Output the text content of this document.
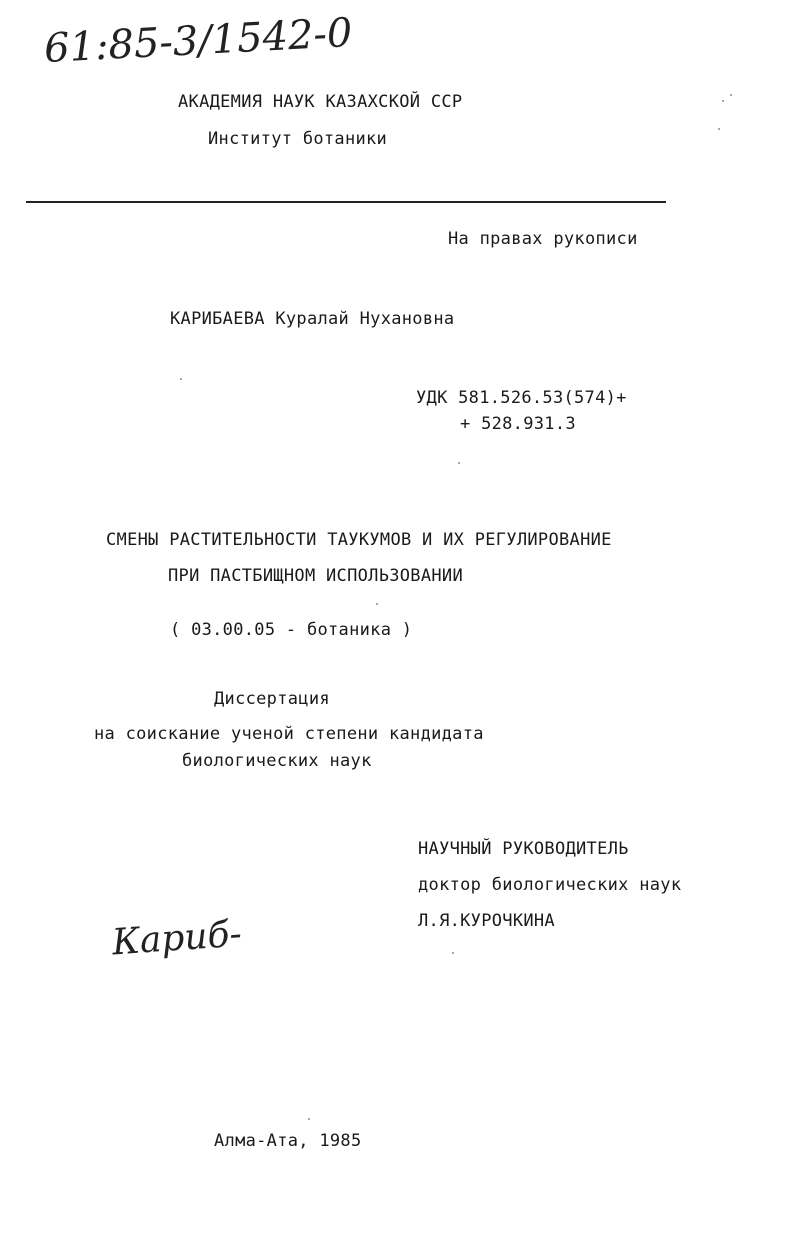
61:85-3/1542-0
АКАДЕМИЯ НАУК КАЗАХСКОЙ ССР
Институт ботаники
На правах рукописи
КАРИБАЕВА Куралай Нухановна
УДК 581.526.53(574)+
+ 528.931.3
СМЕНЫ РАСТИТЕЛЬНОСТИ ТАУКУМОВ И ИХ РЕГУЛИРОВАНИЕ
ПРИ ПАСТБИЩНОМ ИСПОЛЬЗОВАНИИ
( 03.00.05 - ботаника )
Диссертация
на соискание ученой степени кандидата
биологических наук
НАУЧНЫЙ РУКОВОДИТЕЛЬ
доктор биологических наук
Л.Я.КУРОЧКИНА
Кариб-
Алма-Ата, 1985
